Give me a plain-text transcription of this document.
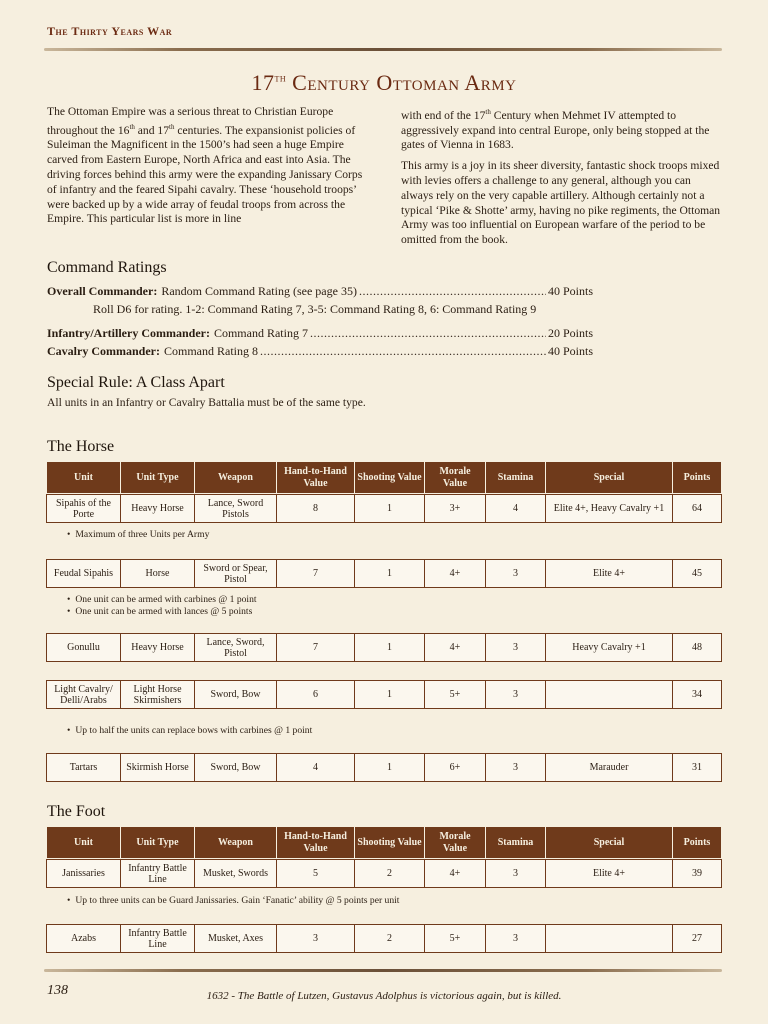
The Thirty Years War
17th Century Ottoman Army

The Ottoman Empire was a serious threat to Christian Europe throughout the 16th and 17th centuries. The expansionist policies of Suleiman the Magnificent in the 1500’s had seen a huge Empire carved from Eastern Europe, North Africa and east into Asia. The driving forces behind this army were the expanding Janissary Corps of infantry and the feared Sipahi cavalry. These ‘household troops’ were backed up by a wide array of feudal troops from across the Empire. This particular list is more in line

with end of the 17th Century when Mehmet IV attempted to aggressively expand into central Europe, only being stopped at the gates of Vienna in 1683.

This army is a joy in its sheer diversity, fantastic shock troops mixed with levies offers a challenge to any general, although you can always rely on the very capable artillery. Although certainly not a typical ‘Pike & Shotte’ army, having no pike regiments, the Ottoman Army was too influential on European warfare of the period to be omitted from the book.

Command Ratings
Overall Commander: Random Command Rating (see page 35) .....	40 Points
Roll D6 for rating. 1-2: Command Rating 7, 3-5: Command Rating 8, 6: Command Rating 9
Infantry/Artillery Commander: Command Rating 7 .....	20 Points
Cavalry Commander: Command Rating 8 .....	40 Points
Special Rule: A Class Apart
All units in an Infantry or Cavalry Battalia must be of the same type.
The Horse
Unit	Unit Type	Weapon	Hand-to-Hand Value	Shooting Value	Morale Value	Stamina	Special	Points
Sipahis of the Porte	Heavy Horse	Lance, Sword Pistols	8	1	3+	4	Elite 4+, Heavy Cavalry +1	64
• Maximum of three Units per Army
Feudal Sipahis	Horse	Sword or Spear, Pistol	7	1	4+	3	Elite 4+	45
• One unit can be armed with carbines @ 1 point
• One unit can be armed with lances @ 5 points
Gonullu	Heavy Horse	Lance, Sword, Pistol	7	1	4+	3	Heavy Cavalry +1	48
Light Cavalry/ Delli/Arabs	Light Horse Skirmishers	Sword, Bow	6	1	5+	3		34
• Up to half the units can replace bows with carbines @ 1 point
Tartars	Skirmish Horse	Sword, Bow	4	1	6+	3	Marauder	31
The Foot
Unit	Unit Type	Weapon	Hand-to-Hand Value	Shooting Value	Morale Value	Stamina	Special	Points
Janissaries	Infantry Battle Line	Musket, Swords	5	2	4+	3	Elite 4+	39
• Up to three units can be Guard Janissaries. Gain ‘Fanatic’ ability @ 5 points per unit
Azabs	Infantry Battle Line	Musket, Axes	3	2	5+	3		27
138	1632 - The Battle of Lutzen, Gustavus Adolphus is victorious again, but is killed.
